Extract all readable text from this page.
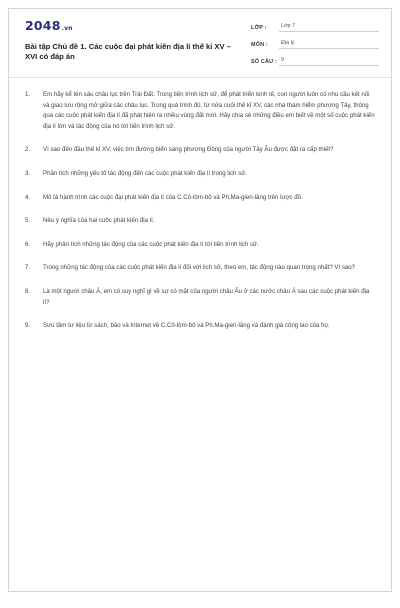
2048.vn
Bài tập Chủ đề 1. Các cuộc đại phát kiến địa lí thế kỉ XV – XVI có đáp án
LỚP :	Lớp 7
MÔN :	Địa lý
SỐ CÂU : 9
1.	Em hãy kể tên sáu châu lục trên Trái Đất. Trong tiến trình lịch sử, để phát triển kinh tế, con người luôn có nhu cầu kết nối và giao lưu rộng mở giữa các châu lục. Trong quá trình đó, từ nửa cuối thế kỉ XV, các nhà thám hiểm phương Tây, thông qua các cuộc phát kiến địa lí đã phát hiện ra nhiều vùng đất mới. Hãy chia sẻ những điều em biết về một số cuộc phát kiến địa lí lớn và tác động của nó tới tiến trình lịch sử.
2.	Vì sao đến đầu thế kỉ XV, việc tìm đường biển sang phương Đông của người Tây Âu được đặt ra cấp thiết?
3.	Phân tích những yếu tố tác động đến các cuộc phát kiến địa lí trong lịch sử.
4.	Mô tả hành trình các cuộc đại phát kiến địa lí của C.Cô-lôm-bô và Ph.Ma-gien-lăng trên lược đồ.
5.	Nêu ý nghĩa của hai cuộc phát kiến địa lí.
6.	Hãy phân tích những tác động của các cuộc phát kiến địa lí tới tiến trình lịch sử.
7.	Trong những tác động của các cuộc phát kiến địa lí đối với lịch sử, theo em, tác động nào quan trọng nhất? Vì sao?
8.	Là một người châu Á, em có suy nghĩ gì về sự có mặt của người châu Âu ở các nước châu Á sau các cuộc phát kiến địa lí?
9.	Sưu tầm tư liệu từ sách, báo và Internet về C.Cô-lôm-bô và Ph.Ma-gien-lăng và đánh giá công lao của họ.
